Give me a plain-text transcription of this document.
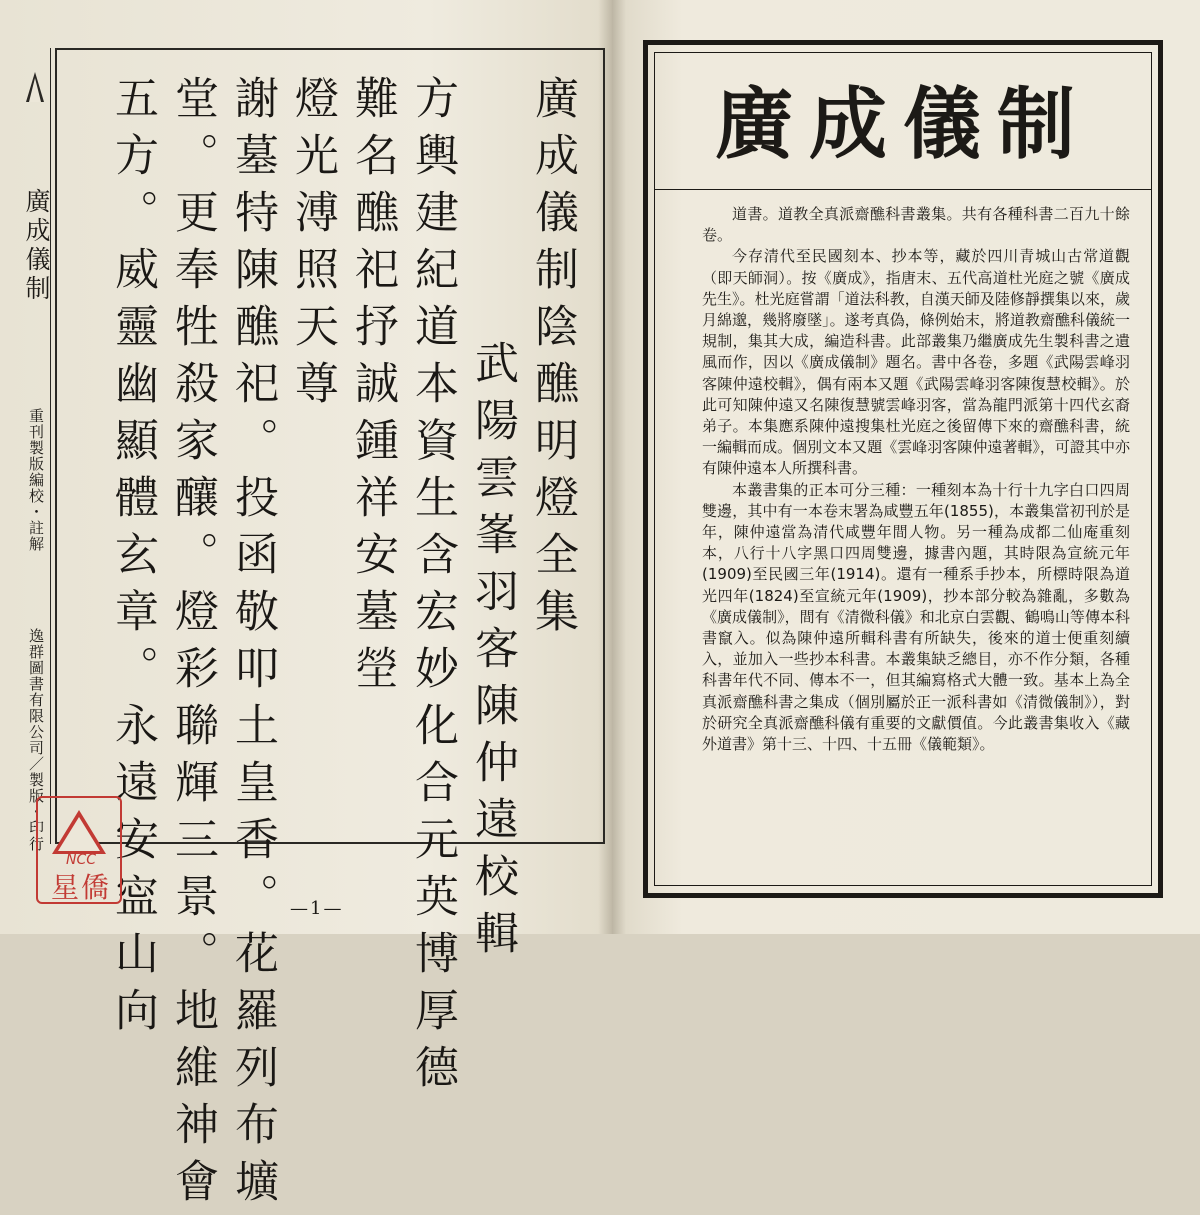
廣成儀制
重刊製版編校・註解
逸群圖書有限公司／製版・印行
廣成儀制陰醮明燈全集
武陽雲峯羽客陳仲遠校輯
方輿建紀道本資生含宏妙化合元英博厚德
難名醮祀抒誠鍾祥安墓塋
燈光溥照天尊
謝墓特陳醮祀。投函敬叩土皇香。花羅列布壙
堂。更奉牲殺家釀。燈彩聯輝三景。地維神會
五方。威靈幽顯體玄章。永遠安寍山向	—1—
NCC
星僑
廣成儀制

道書。道教全真派齋醮科書叢集。共有各種科書二百九十餘卷。

今存清代至民國刻本、抄本等，藏於四川青城山古常道觀（即天師洞）。按《廣成》，指唐末、五代高道杜光庭之號《廣成先生》。杜光庭嘗謂「道法科教，自漢天師及陸修靜撰集以來，歲月綿邈，幾將廢墜」。遂考真偽，條例始末，將道教齋醮科儀統一規制，集其大成，編造科書。此部叢集乃繼廣成先生製科書之遺風而作，因以《廣成儀制》題名。書中各卷，多題《武陽雲峰羽客陳仲遠校輯》，偶有兩本又題《武陽雲峰羽客陳復慧校輯》。於此可知陳仲遠又名陳復慧號雲峰羽客，當為龍門派第十四代玄裔弟子。本集應系陳仲遠搜集杜光庭之後留傳下來的齋醮科書，統一編輯而成。個別文本又題《雲峰羽客陳仲遠著輯》，可證其中亦有陳仲遠本人所撰科書。

本叢書集的正本可分三種：一種刻本為十行十九字白口四周雙邊，其中有一本卷末署為咸豐五年(1855)，本叢集當初刊於是年，陳仲遠當為清代咸豐年間人物。另一種為成都二仙庵重刻本，八行十八字黑口四周雙邊，據書內題，其時限為宣統元年(1909)至民國三年(1914)。還有一種系手抄本，所標時限為道光四年(1824)至宣統元年(1909)，抄本部分較為雜亂，多數為《廣成儀制》，間有《清微科儀》和北京白雲觀、鶴鳴山等傳本科書竄入。似為陳仲遠所輯科書有所缺失，後來的道士便重刻續入，並加入一些抄本科書。本叢集缺乏總目，亦不作分類，各種科書年代不同、傳本不一，但其編寫格式大體一致。基本上為全真派齋醮科書之集成（個別屬於正一派科書如《清微儀制》），對於研究全真派齋醮科儀有重要的文獻價值。今此叢書集收入《藏外道書》第十三、十四、十五冊《儀範類》。
